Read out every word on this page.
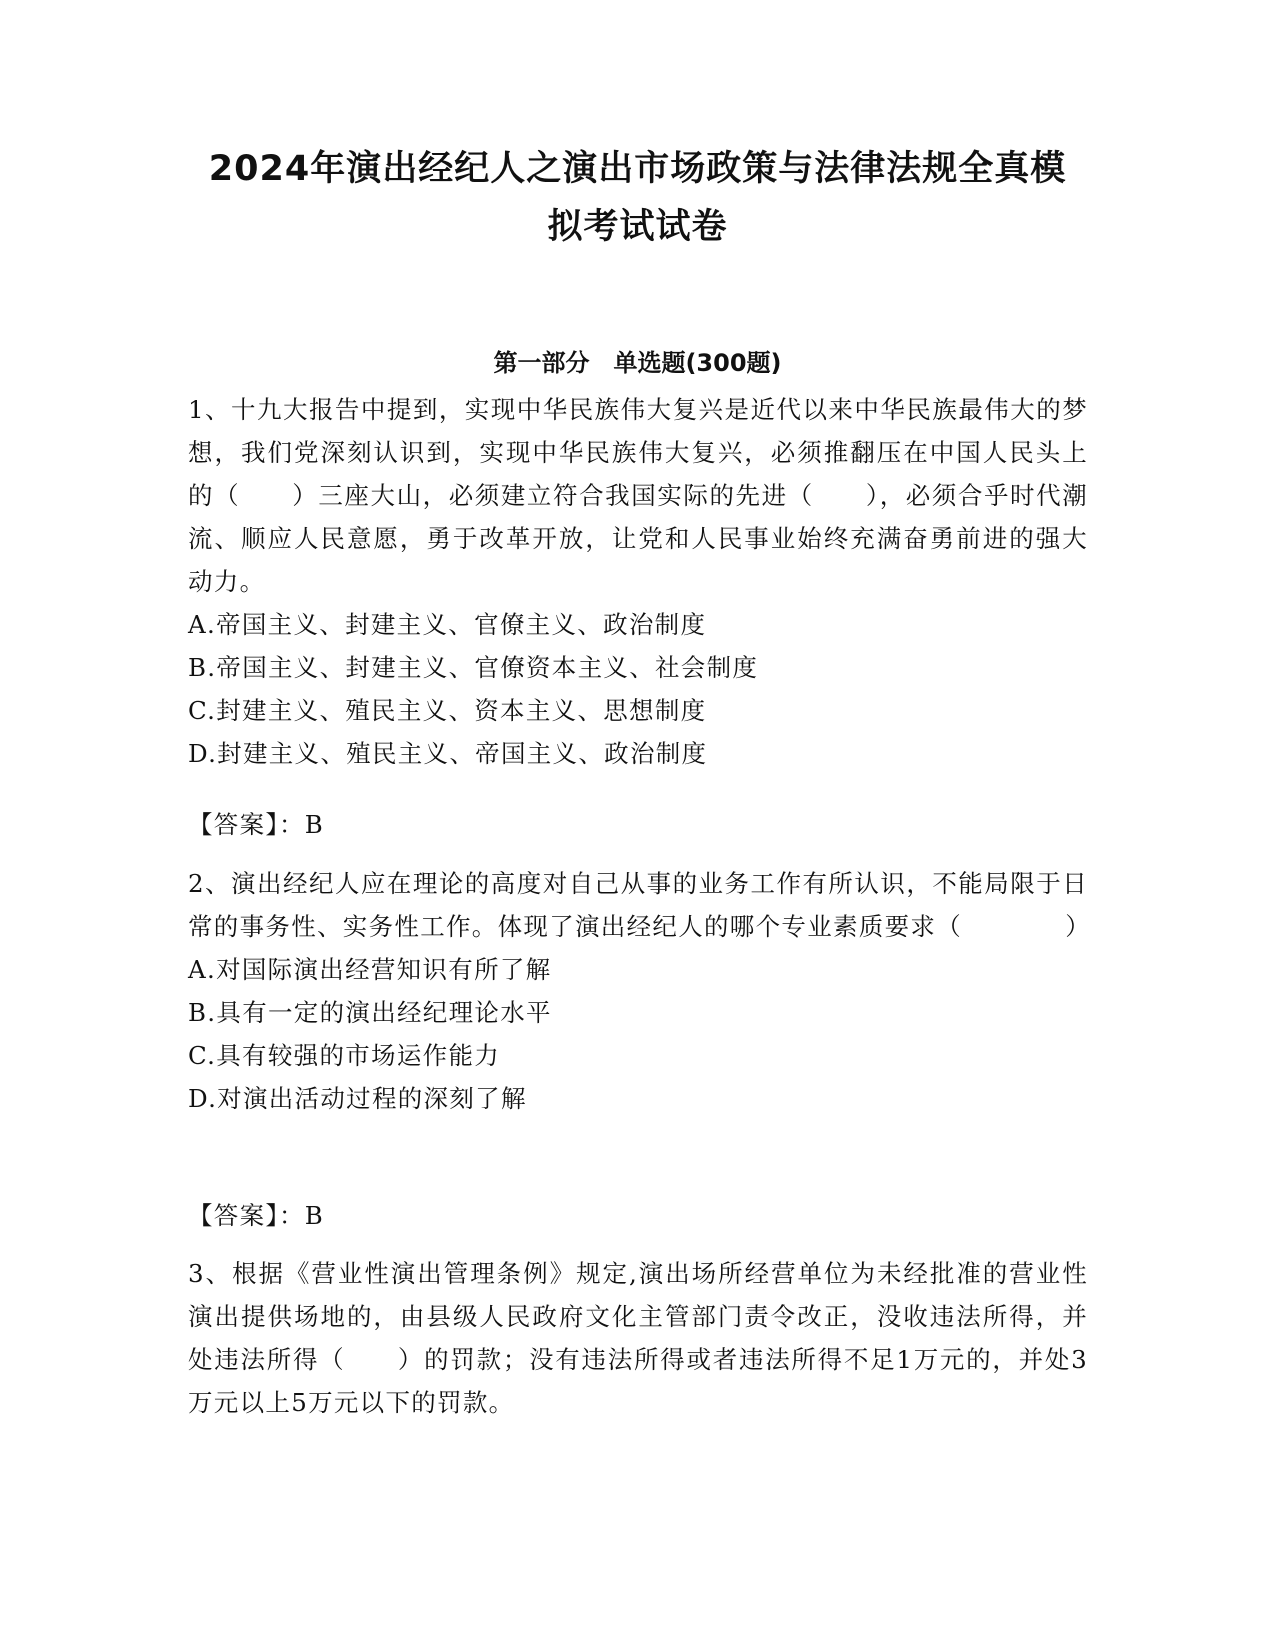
2024年演出经纪人之演出市场政策与法律法规全真模
拟考试试卷
第一部分　单选题(300题)

1、十九大报告中提到，实现中华民族伟大复兴是近代以来中华民族最伟大的梦想，我们党深刻认识到，实现中华民族伟大复兴，必须推翻压在中国人民头上的（　　）三座大山，必须建立符合我国实际的先进（　　），必须合乎时代潮流、顺应人民意愿，勇于改革开放，让党和人民事业始终充满奋勇前进的强大动力。

A.帝国主义、封建主义、官僚主义、政治制度

B.帝国主义、封建主义、官僚资本主义、社会制度

C.封建主义、殖民主义、资本主义、思想制度

D.封建主义、殖民主义、帝国主义、政治制度

【答案】：B

2、演出经纪人应在理论的高度对自己从事的业务工作有所认识，不能局限于日常的事务性、实务性工作。体现了演出经纪人的哪个专业素质要求（　　　　）

A.对国际演出经营知识有所了解

B.具有一定的演出经纪理论水平

C.具有较强的市场运作能力

D.对演出活动过程的深刻了解

【答案】：B

3、根据《营业性演出管理条例》规定,演出场所经营单位为未经批准的营业性演出提供场地的，由县级人民政府文化主管部门责令改正，没收违法所得，并处违法所得（　　）的罚款；没有违法所得或者违法所得不足1万元的，并处3万元以上5万元以下的罚款。
